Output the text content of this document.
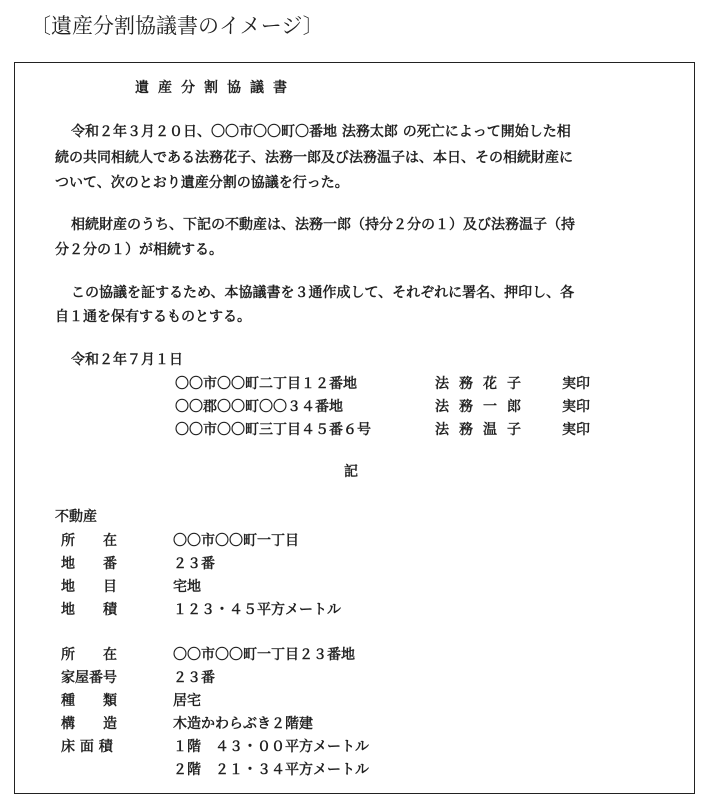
〔遺産分割協議書のイメージ〕
遺産分割協議書
令和２年３月２０日、〇〇市〇〇町〇番地 法務太郎 の死亡によって開始した相
続の共同相続人である法務花子、法務一郎及び法務温子は、本日、その相続財産に
ついて、次のとおり遺産分割の協議を行った。
相続財産のうち、下記の不動産は、法務一郎（持分２分の１）及び法務温子（持
分２分の１）が相続する。
この協議を証するため、本協議書を３通作成して、それぞれに署名、押印し、各
自１通を保有するものとする。
令和２年７月１日
〇〇市〇〇町二丁目１２番地	法務花子 実印
〇〇郡〇〇町〇〇３４番地	法務一郎 実印
〇〇市〇〇町三丁目４５番６号	法務温子 実印
記
不動産
所　　在	〇〇市〇〇町一丁目
地　　番	２３番
地　　目	宅地
地　　積	１２３・４５平方メートル
所　　在	〇〇市〇〇町一丁目２３番地
家屋番号	２３番
種　　類	居宅
構　　造	木造かわらぶき２階建
床 面 積	１階　４３・００平方メートル
２階　２１・３４平方メートル
